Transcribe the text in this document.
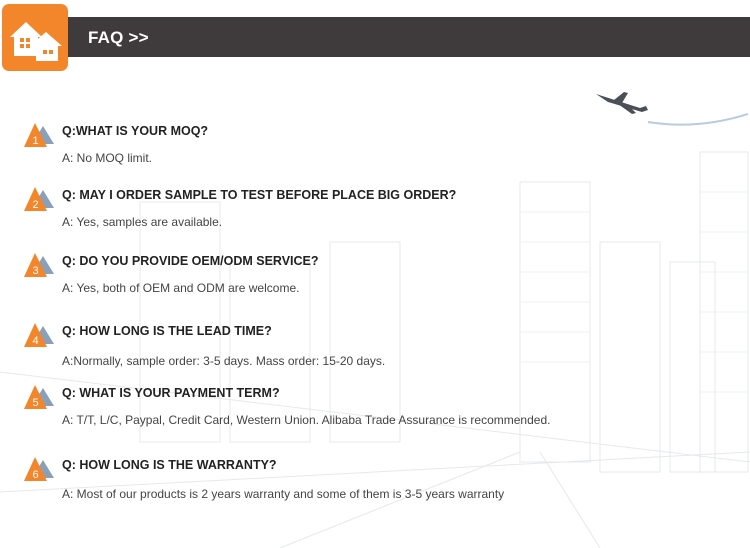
FAQ >>
1
Q:WHAT IS YOUR MOQ?
A: No MOQ limit.
2
Q: MAY I ORDER SAMPLE TO TEST BEFORE PLACE BIG ORDER?
A: Yes, samples are available.
3
Q: DO YOU PROVIDE OEM/ODM SERVICE?
A: Yes, both of OEM and ODM are welcome.
4
Q: HOW LONG IS THE LEAD TIME?
A:Normally, sample order: 3-5 days. Mass order: 15-20 days.
5
Q: WHAT IS YOUR PAYMENT TERM?
A: T/T, L/C, Paypal, Credit Card, Western Union. Alibaba Trade Assurance is recommended.
6
Q: HOW LONG IS THE WARRANTY?
A: Most of our products is 2 years warranty and some of them is 3-5 years warranty
